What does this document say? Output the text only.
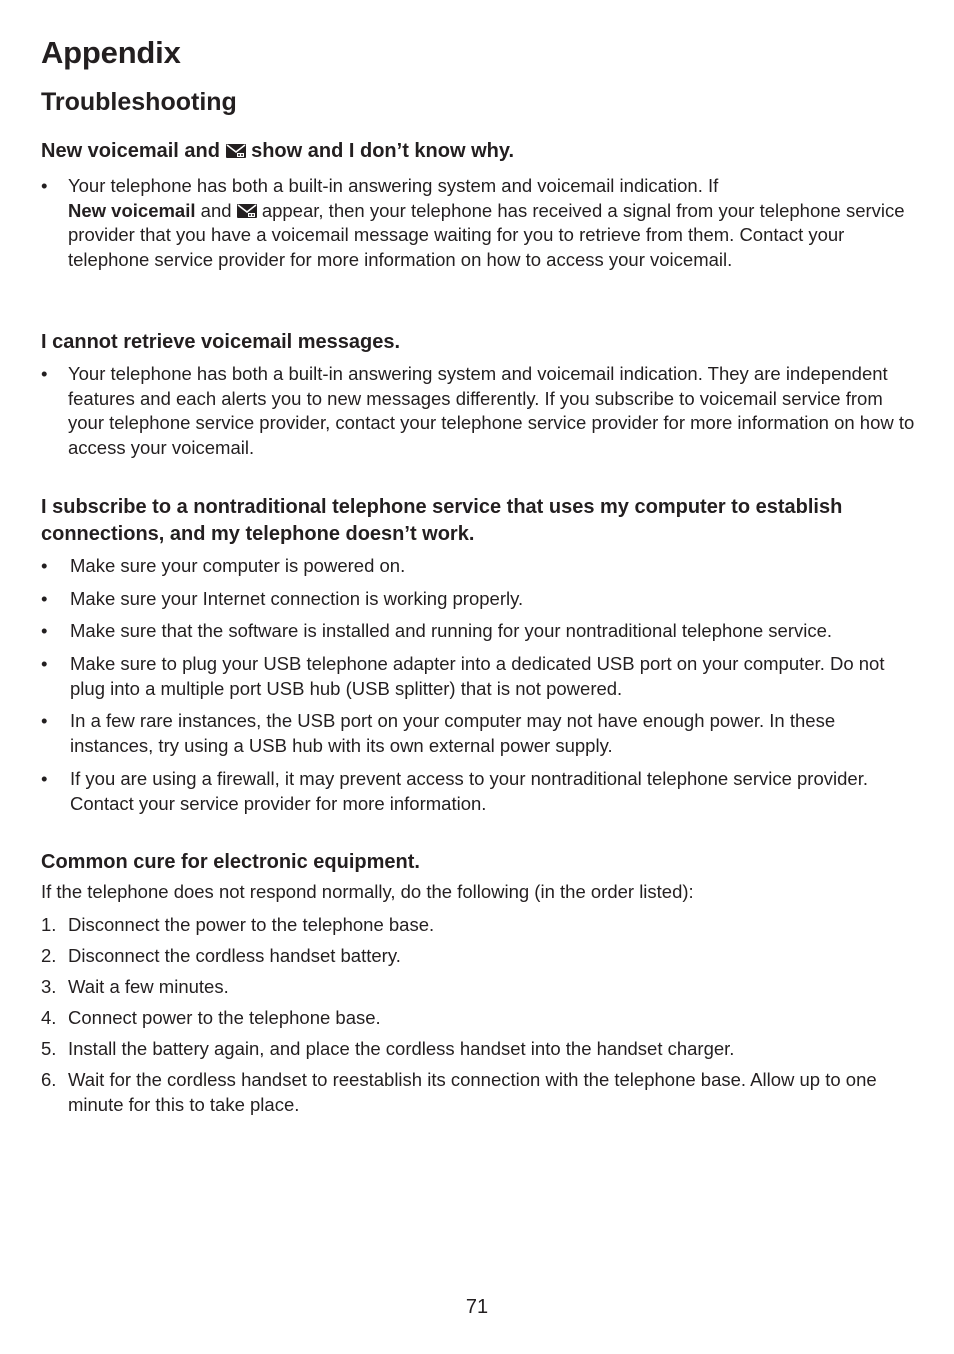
Appendix
Troubleshooting

New voicemail and show and I don’t know why.

• Your telephone has both a built-in answering system and voicemail indication. If
New voicemail and appear, then your telephone has received a signal from your telephone service provider that you have a voicemail message waiting for you to retrieve from them. Contact your telephone service provider for more information on how to access your voicemail.

I cannot retrieve voicemail messages.

• Your telephone has both a built-in answering system and voicemail indication. They are independent features and each alerts you to new messages differently. If you subscribe to voicemail service from your telephone service provider, contact your telephone service provider for more information on how to access your voicemail.

I subscribe to a nontraditional telephone service that uses my computer to establish connections, and my telephone doesn’t work.

• Make sure your computer is powered on.
• Make sure your Internet connection is working properly.
• Make sure that the software is installed and running for your nontraditional telephone service.
• Make sure to plug your USB telephone adapter into a dedicated USB port on your computer. Do not plug into a multiple port USB hub (USB splitter) that is not powered.
• In a few rare instances, the USB port on your computer may not have enough power. In these instances, try using a USB hub with its own external power supply.
• If you are using a firewall, it may prevent access to your nontraditional telephone service provider. Contact your service provider for more information.

Common cure for electronic equipment.

If the telephone does not respond normally, do the following (in the order listed):
1. Disconnect the power to the telephone base.
2. Disconnect the cordless handset battery.
3. Wait a few minutes.
4. Connect power to the telephone base.
5. Install the battery again, and place the cordless handset into the handset charger.
6. Wait for the cordless handset to reestablish its connection with the telephone base. Allow up to one minute for this to take place.
71
